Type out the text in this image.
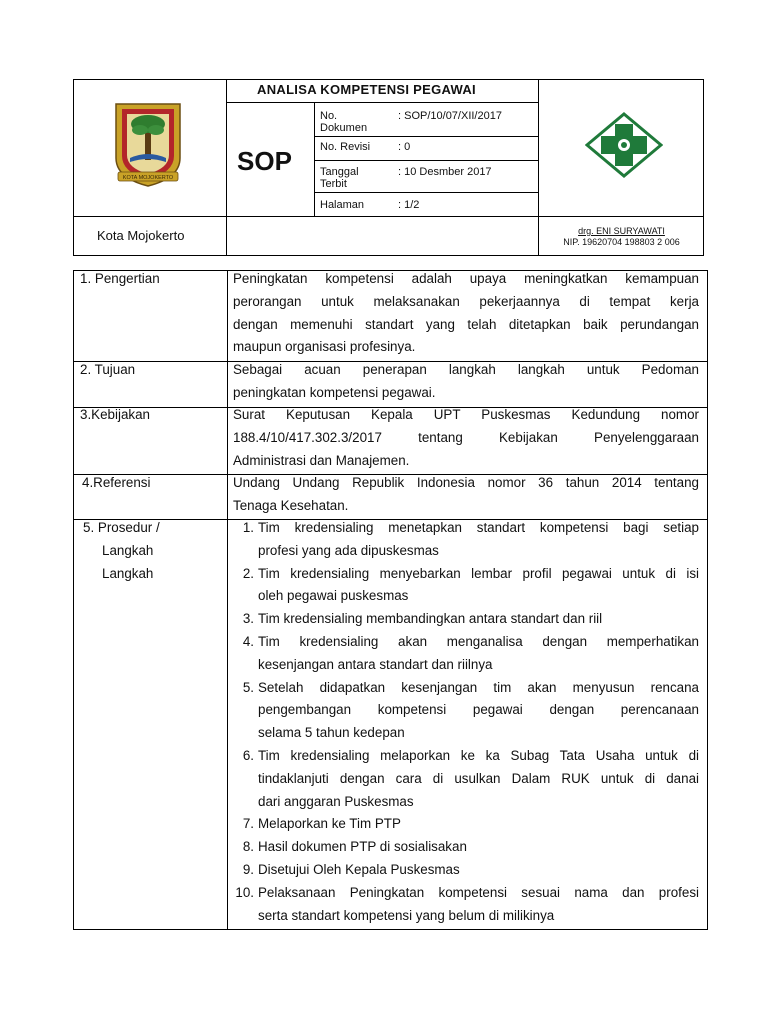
KOTA MOJOKERTO
Kota Mojokerto
ANALISA KOMPETENSI PEGAWAI
SOP
No.
Dokumen
: SOP/10/07/XII/2017
No. Revisi	: 0
Tanggal
Terbit
: 10 Desmber 2017
Halaman	: 1/2
drg. ENI SURYAWATI
NIP. 19620704 198803 2 006
1. Pengertian	Peningkatan kompetensi adalah upaya meningkatkan kemampuan
perorangan untuk melaksanakan pekerjaannya di tempat kerja
dengan memenuhi standart yang telah ditetapkan baik perundangan
maupun organisasi profesinya.
2. Tujuan	Sebagai acuan penerapan langkah langkah untuk Pedoman
peningkatan kompetensi pegawai.
3.Kebijakan	Surat Keputusan Kepala UPT Puskesmas Kedundung nomor
188.4/10/417.302.3/2017 tentang Kebijakan Penyelenggaraan
Administrasi dan Manajemen.
4.Referensi	Undang Undang Republik Indonesia nomor 36 tahun 2014 tentang
Tenaga Kesehatan.
5. Prosedur /
Langkah
Langkah
1. Tim kredensialing menetapkan standart kompetensi bagi setiap
profesi yang ada dipuskesmas
2. Tim kredensialing menyebarkan lembar profil pegawai untuk di isi
oleh pegawai puskesmas
3. Tim kredensialing membandingkan antara standart dan riil
4. Tim kredensialing akan menganalisa dengan memperhatikan
kesenjangan antara standart dan riilnya
5. Setelah didapatkan kesenjangan tim akan menyusun rencana
pengembangan kompetensi pegawai dengan perencanaan
selama 5 tahun kedepan
6. Tim kredensialing melaporkan ke ka Subag Tata Usaha untuk di
tindaklanjuti dengan cara di usulkan Dalam RUK untuk di danai
dari anggaran Puskesmas
7. Melaporkan ke Tim PTP
8. Hasil dokumen PTP di sosialisakan
9. Disetujui Oleh Kepala Puskesmas
10. Pelaksanaan Peningkatan kompetensi sesuai nama dan profesi
serta standart kompetensi yang belum di milikinya
